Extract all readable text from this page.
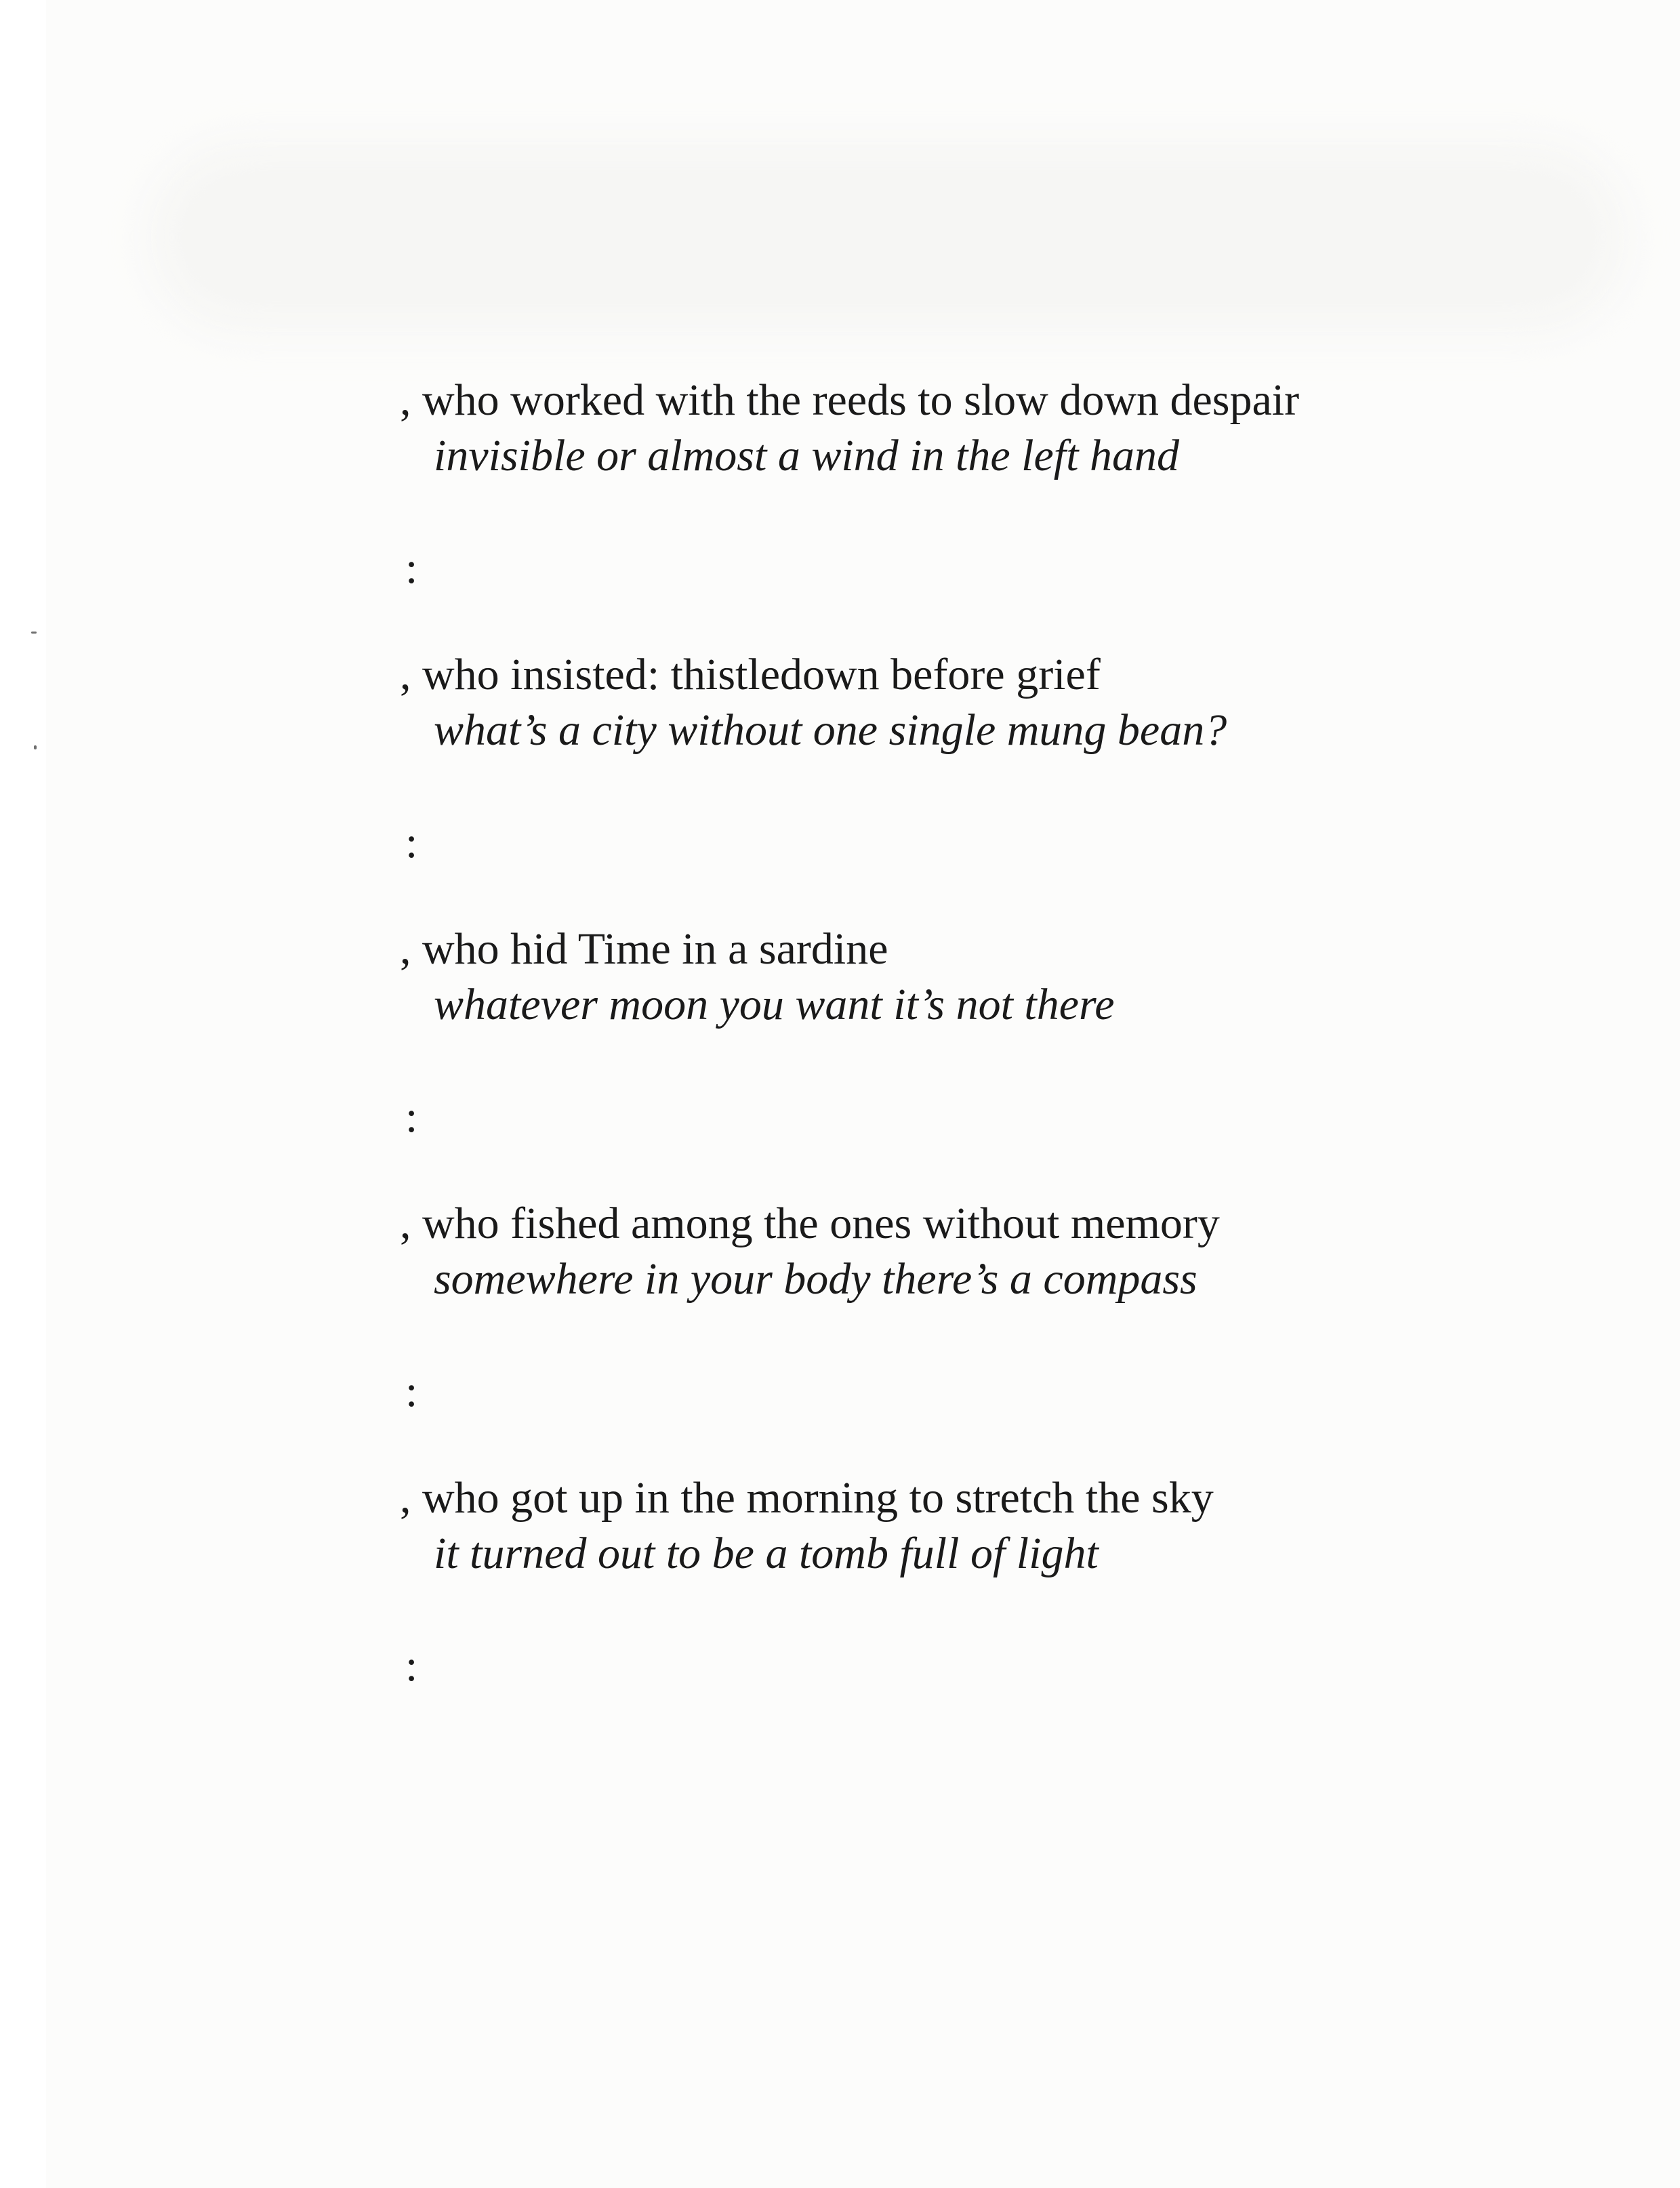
, who worked with the reeds to slow down despair
invisible or almost a wind in the left hand
:
, who insisted: thistledown before grief
what’s a city without one single mung bean?
:
, who hid Time in a sardine
whatever moon you want it’s not there
:
, who fished among the ones without memory
somewhere in your body there’s a compass
:
, who got up in the morning to stretch the sky
it turned out to be a tomb full of light
:
